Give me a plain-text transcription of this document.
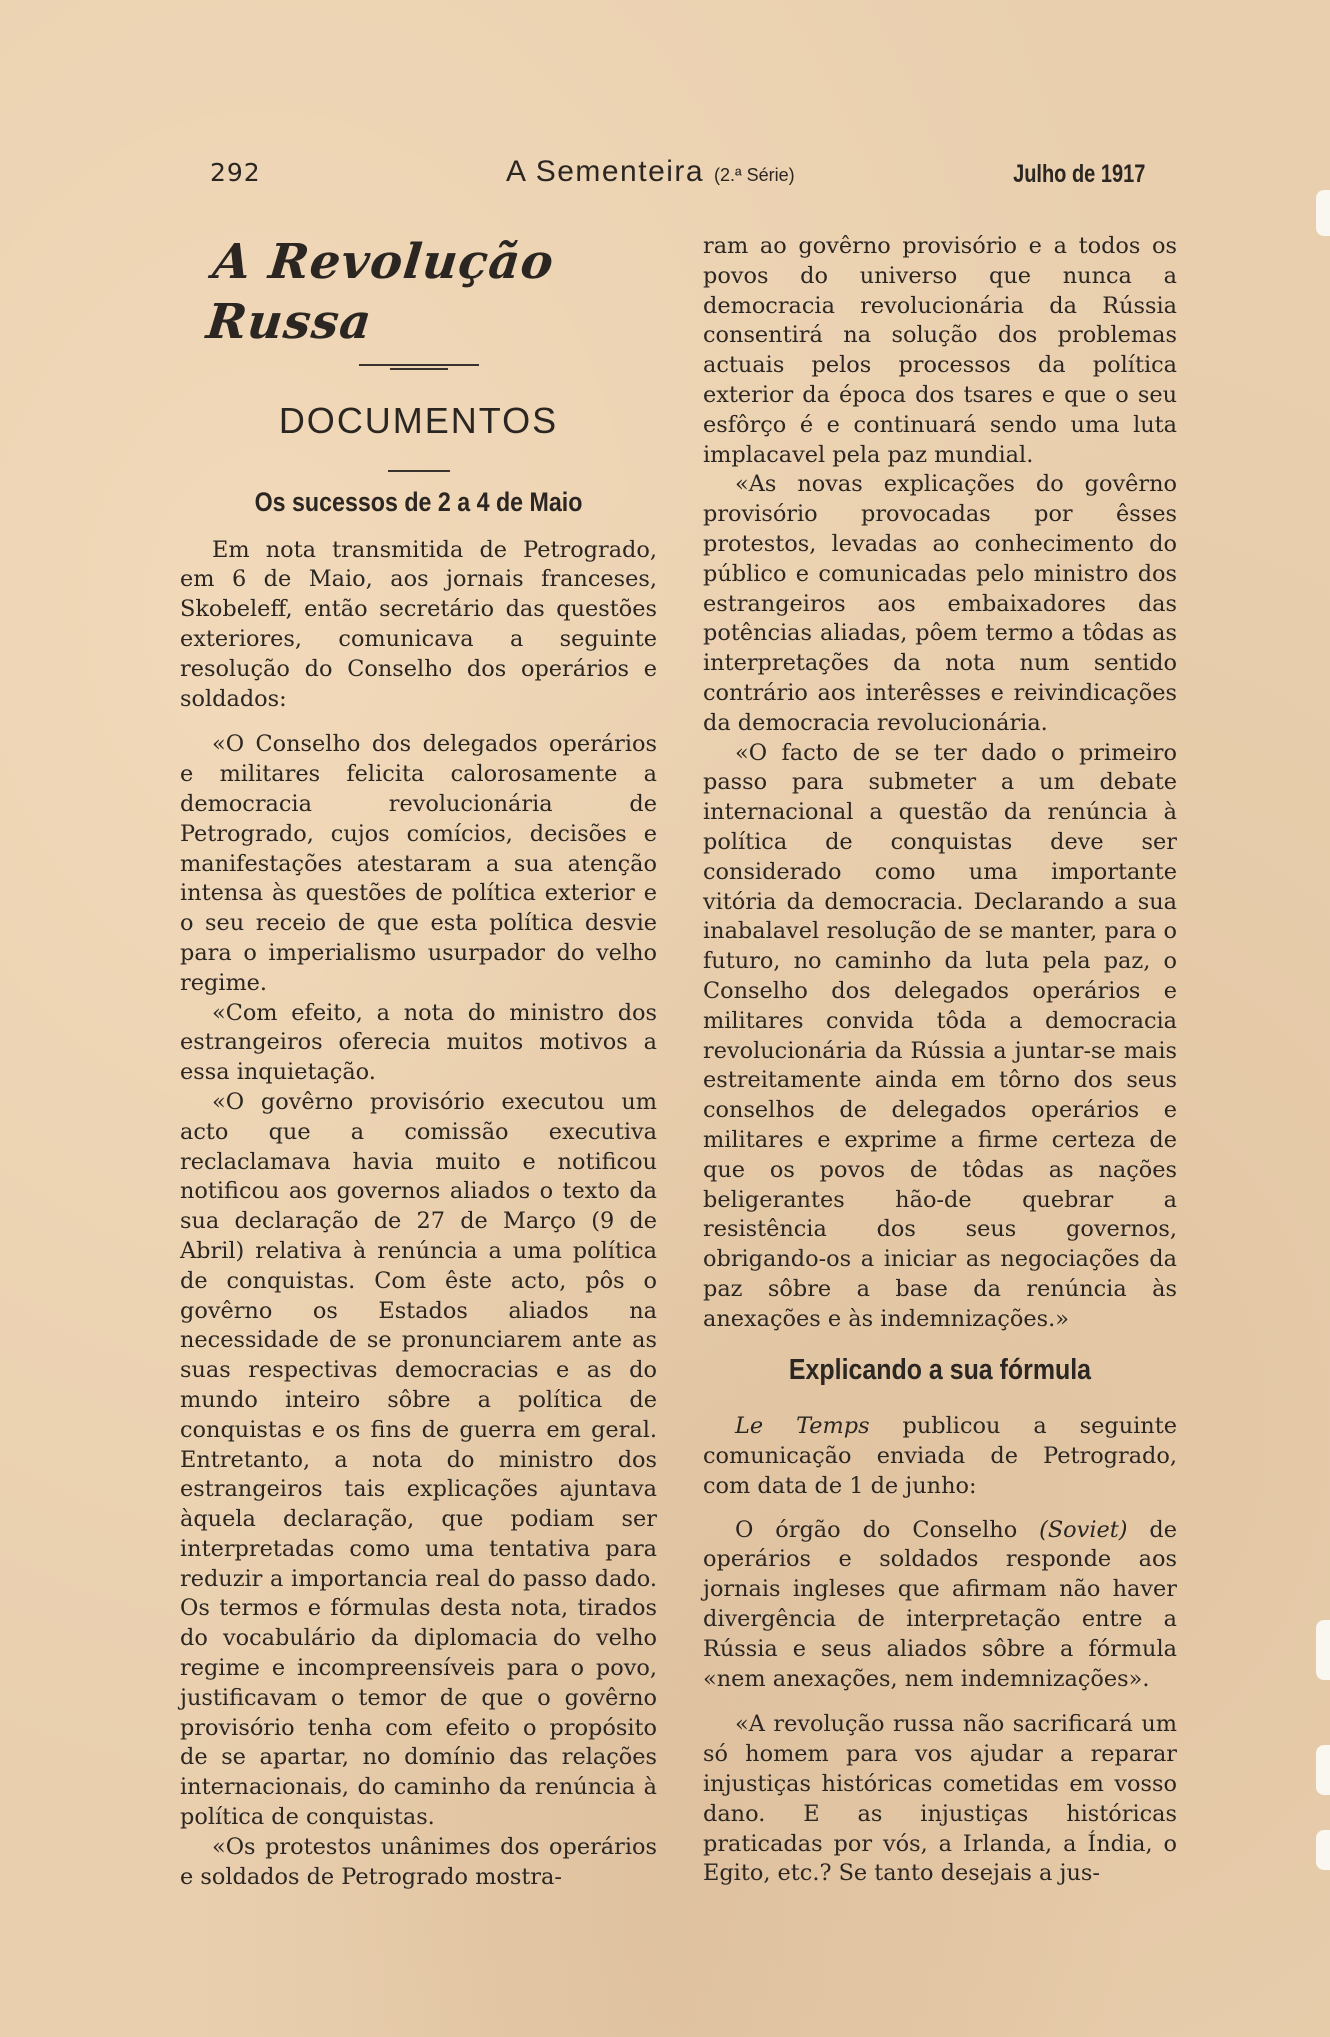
292	A Sementeira (2.ª Série)	Julho de 1917

A Revolução Russa

DOCUMENTOS

Os sucessos de 2 a 4 de Maio

Em nota transmitida de Petrogrado, em 6 de Maio, aos jornais franceses, Skobeleff, então secretário das questões exteriores, comunicava a seguinte resolução do Conselho dos operários e soldados:

«O Conselho dos delegados operários e militares felicita calorosamente a democracia revolucionária de Petrogrado, cujos comícios, decisões e manifestações atestaram a sua atenção intensa às questões de política exterior e o seu receio de que esta política desvie para o imperialismo usurpador do velho regime.

«Com efeito, a nota do ministro dos estrangeiros oferecia muitos motivos a essa inquietação.

«O govêrno provisório executou um acto que a comissão executiva reclaclamava havia muito e notificou notificou aos governos aliados o texto da sua declaração de 27 de Março (9 de Abril) relativa à renúncia a uma política de conquistas. Com êste acto, pôs o govêrno os Estados aliados na necessidade de se pronunciarem ante as suas respectivas democracias e as do mundo inteiro sôbre a política de conquistas e os fins de guerra em geral. Entretanto, a nota do ministro dos estrangeiros tais explicações ajuntava àquela declaração, que podiam ser interpretadas como uma tentativa para reduzir a importancia real do passo dado. Os termos e fórmulas desta nota, tirados do vocabulário da diplomacia do velho regime e incompreensíveis para o povo, justificavam o temor de que o govêrno provisório tenha com efeito o propósito de se apartar, no domínio das relações internacionais, do caminho da renúncia à política de conquistas.

«Os protestos unânimes dos operários e soldados de Petrogrado mostra-

ram ao govêrno provisório e a todos os povos do universo que nunca a democracia revolucionária da Rússia consentirá na solução dos problemas actuais pelos processos da política exterior da época dos tsares e que o seu esfôrço é e continuará sendo uma luta implacavel pela paz mundial.

«As novas explicações do govêrno provisório provocadas por êsses protestos, levadas ao conhecimento do público e comunicadas pelo ministro dos estrangeiros aos embaixadores das potências aliadas, pôem termo a tôdas as interpretações da nota num sentido contrário aos interêsses e reivindicações da democracia revolucionária.

«O facto de se ter dado o primeiro passo para submeter a um debate internacional a questão da renúncia à política de conquistas deve ser considerado como uma importante vitória da democracia. Declarando a sua inabalavel resolução de se manter, para o futuro, no caminho da luta pela paz, o Conselho dos delegados operários e militares convida tôda a democracia revolucionária da Rússia a juntar-se mais estreitamente ainda em tôrno dos seus conselhos de delegados operários e militares e exprime a firme certeza de que os povos de tôdas as nações beligerantes hão-de quebrar a resistência dos seus governos, obrigando-os a iniciar as negociações da paz sôbre a base da renúncia às anexações e às indemnizações.»

Explicando a sua fórmula

Le Temps publicou a seguinte comunicação enviada de Petrogrado, com data de 1 de junho:

O órgão do Conselho (Soviet) de operários e soldados responde aos jornais ingleses que afirmam não haver divergência de interpretação entre a Rússia e seus aliados sôbre a fórmula «nem anexações, nem indemnizações».

«A revolução russa não sacrificará um só homem para vos ajudar a reparar injustiças históricas cometidas em vosso dano. E as injustiças históricas praticadas por vós, a Irlanda, a Índia, o Egito, etc.? Se tanto desejais a jus-
